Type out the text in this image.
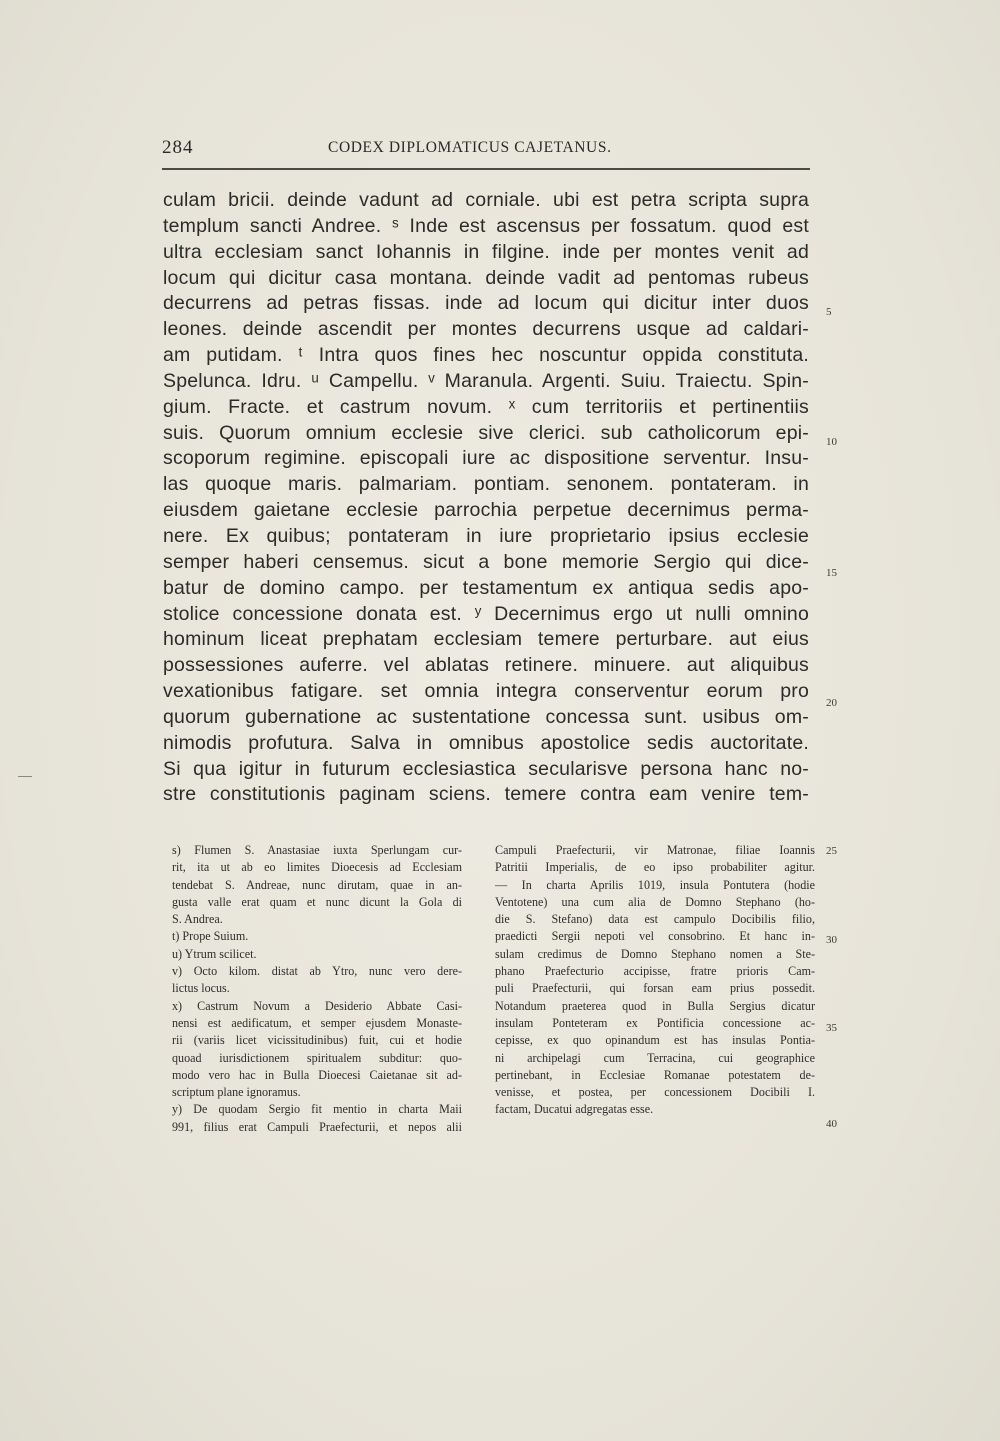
284	CODEX DIPLOMATICUS CAJETANUS.
culam bricii. deinde vadunt ad corniale. ubi est petra scripta supra
templum sancti Andree. ˢ Inde est ascensus per fossatum. quod est
ultra ecclesiam sanct Iohannis in filgine. inde per montes venit ad
locum qui dicitur casa montana. deinde vadit ad pentomas rubeus
decurrens ad petras fissas. inde ad locum qui dicitur inter duos
leones. deinde ascendit per montes decurrens usque ad caldari-
am putidam. ᵗ Intra quos fines hec noscuntur oppida constituta.
Spelunca. Idru. ᵘ Campellu. ᵛ Maranula. Argenti. Suiu. Traiectu. Spin-
gium. Fracte. et castrum novum. ˣ cum territoriis et pertinentiis
suis. Quorum omnium ecclesie sive clerici. sub catholicorum epi-
scoporum regimine. episcopali iure ac dispositione serventur. Insu-
las quoque maris. palmariam. pontiam. senonem. pontateram. in
eiusdem gaietane ecclesie parrochia perpetue decernimus perma-
nere. Ex quibus; pontateram in iure proprietario ipsius ecclesie
semper haberi censemus. sicut a bone memorie Sergio qui dice-
batur de domino campo. per testamentum ex antiqua sedis apo-
stolice concessione donata est. ʸ Decernimus ergo ut nulli omnino
hominum liceat prephatam ecclesiam temere perturbare. aut eius
possessiones auferre. vel ablatas retinere. minuere. aut aliquibus
vexationibus fatigare. set omnia integra conserventur eorum pro
quorum gubernatione ac sustentatione concessa sunt. usibus om-
nimodis profutura. Salva in omnibus apostolice sedis auctoritate.
Si qua igitur in futurum ecclesiastica secularisve persona hanc no-
stre constitutionis paginam sciens. temere contra eam venire tem-
5
10
15
20
25
30
35
40
s) Flumen S. Anastasiae iuxta Sperlungam cur-
rit, ita ut ab eo limites Dioecesis ad Ecclesiam
tendebat S. Andreae, nunc dirutam, quae in an-
gusta valle erat quam et nunc dicunt la Gola di
S. Andrea.
t) Prope Suium.
u) Ytrum scilicet.
v) Octo kilom. distat ab Ytro, nunc vero dere-
lictus locus.
x) Castrum Novum a Desiderio Abbate Casi-
nensi est aedificatum, et semper ejusdem Monaste-
rii (variis licet vicissitudinibus) fuit, cui et hodie
quoad iurisdictionem spiritualem subditur: quo-
modo vero hac in Bulla Dioecesi Caietanae sit ad-
scriptum plane ignoramus.
y) De quodam Sergio fit mentio in charta Maii
991, filius erat Campuli Praefecturii, et nepos alii
Campuli Praefecturii, vir Matronae, filiae Ioannis
Patritii Imperialis, de eo ipso probabiliter agitur.
— In charta Aprilis 1019, insula Pontutera (hodie
Ventotene) una cum alia de Domno Stephano (ho-
die S. Stefano) data est campulo Docibilis filio,
praedicti Sergii nepoti vel consobrino. Et hanc in-
sulam credimus de Domno Stephano nomen a Ste-
phano Praefecturio accipisse, fratre prioris Cam-
puli Praefecturii, qui forsan eam prius possedit.
Notandum praeterea quod in Bulla Sergius dicatur
insulam Ponteteram ex Pontificia concessione ac-
cepisse, ex quo opinandum est has insulas Pontia-
ni archipelagi cum Terracina, cui geographice
pertinebant, in Ecclesiae Romanae potestatem de-
venisse, et postea, per concessionem Docibili I.
factam, Ducatui adgregatas esse.
